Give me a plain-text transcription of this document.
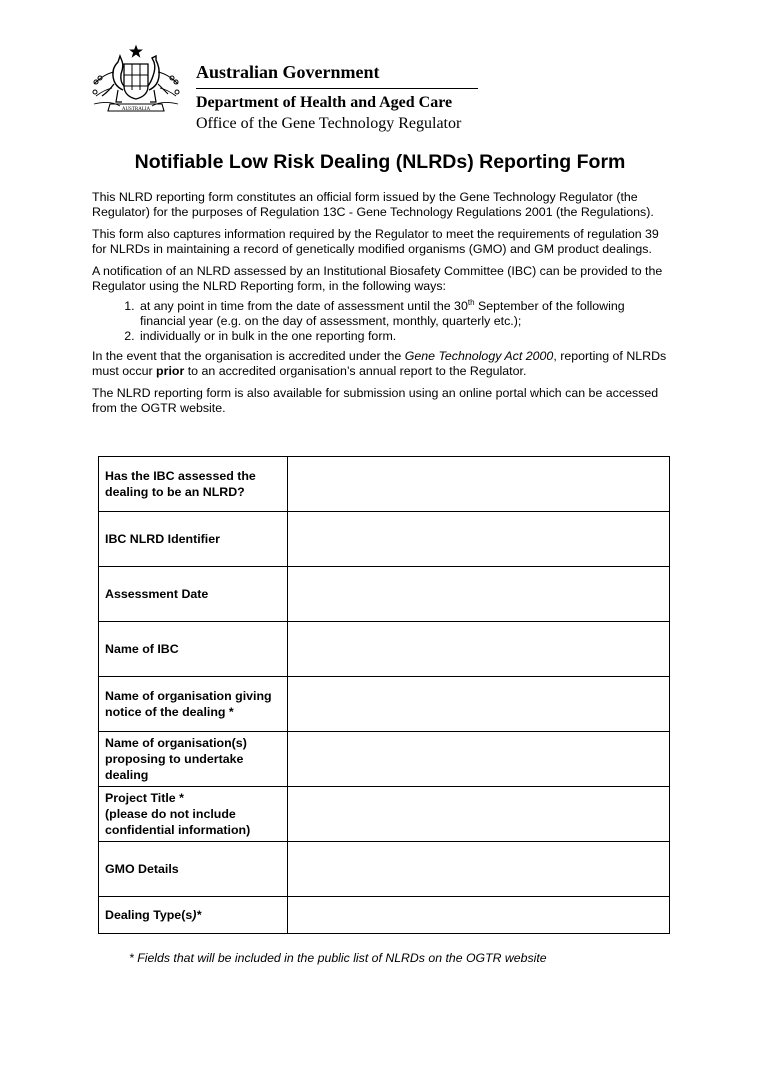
AUSTRALIA
Australian Government
Department of Health and Aged Care
Office of the Gene Technology Regulator
Notifiable Low Risk Dealing (NLRDs) Reporting Form

This NLRD reporting form constitutes an official form issued by the Gene Technology Regulator (the Regulator) for the purposes of Regulation 13C - Gene Technology Regulations 2001 (the Regulations).

This form also captures information required by the Regulator to meet the requirements of regulation 39 for NLRDs in maintaining a record of genetically modified organisms (GMO) and GM product dealings.

A notification of an NLRD assessed by an Institutional Biosafety Committee (IBC) can be provided to the Regulator using the NLRD Reporting form, in the following ways:

1. at any point in time from the date of assessment until the 30th September of the following financial year (e.g. on the day of assessment, monthly, quarterly etc.);
2. individually or in bulk in the one reporting form.

In the event that the organisation is accredited under the Gene Technology Act 2000, reporting of NLRDs must occur prior to an accredited organisation’s annual report to the Regulator.

The NLRD reporting form is also available for submission using an online portal which can be accessed from the OGTR website.

Has the IBC assessed the dealing to be an NLRD?	
IBC NLRD Identifier	
Assessment Date	
Name of IBC	
Name of organisation giving notice of the dealing *	
Name of organisation(s) proposing to undertake dealing	
Project Title *
(please do not include confidential information)	
GMO Details	
Dealing Type(s)*	
* Fields that will be included in the public list of NLRDs on the OGTR website
